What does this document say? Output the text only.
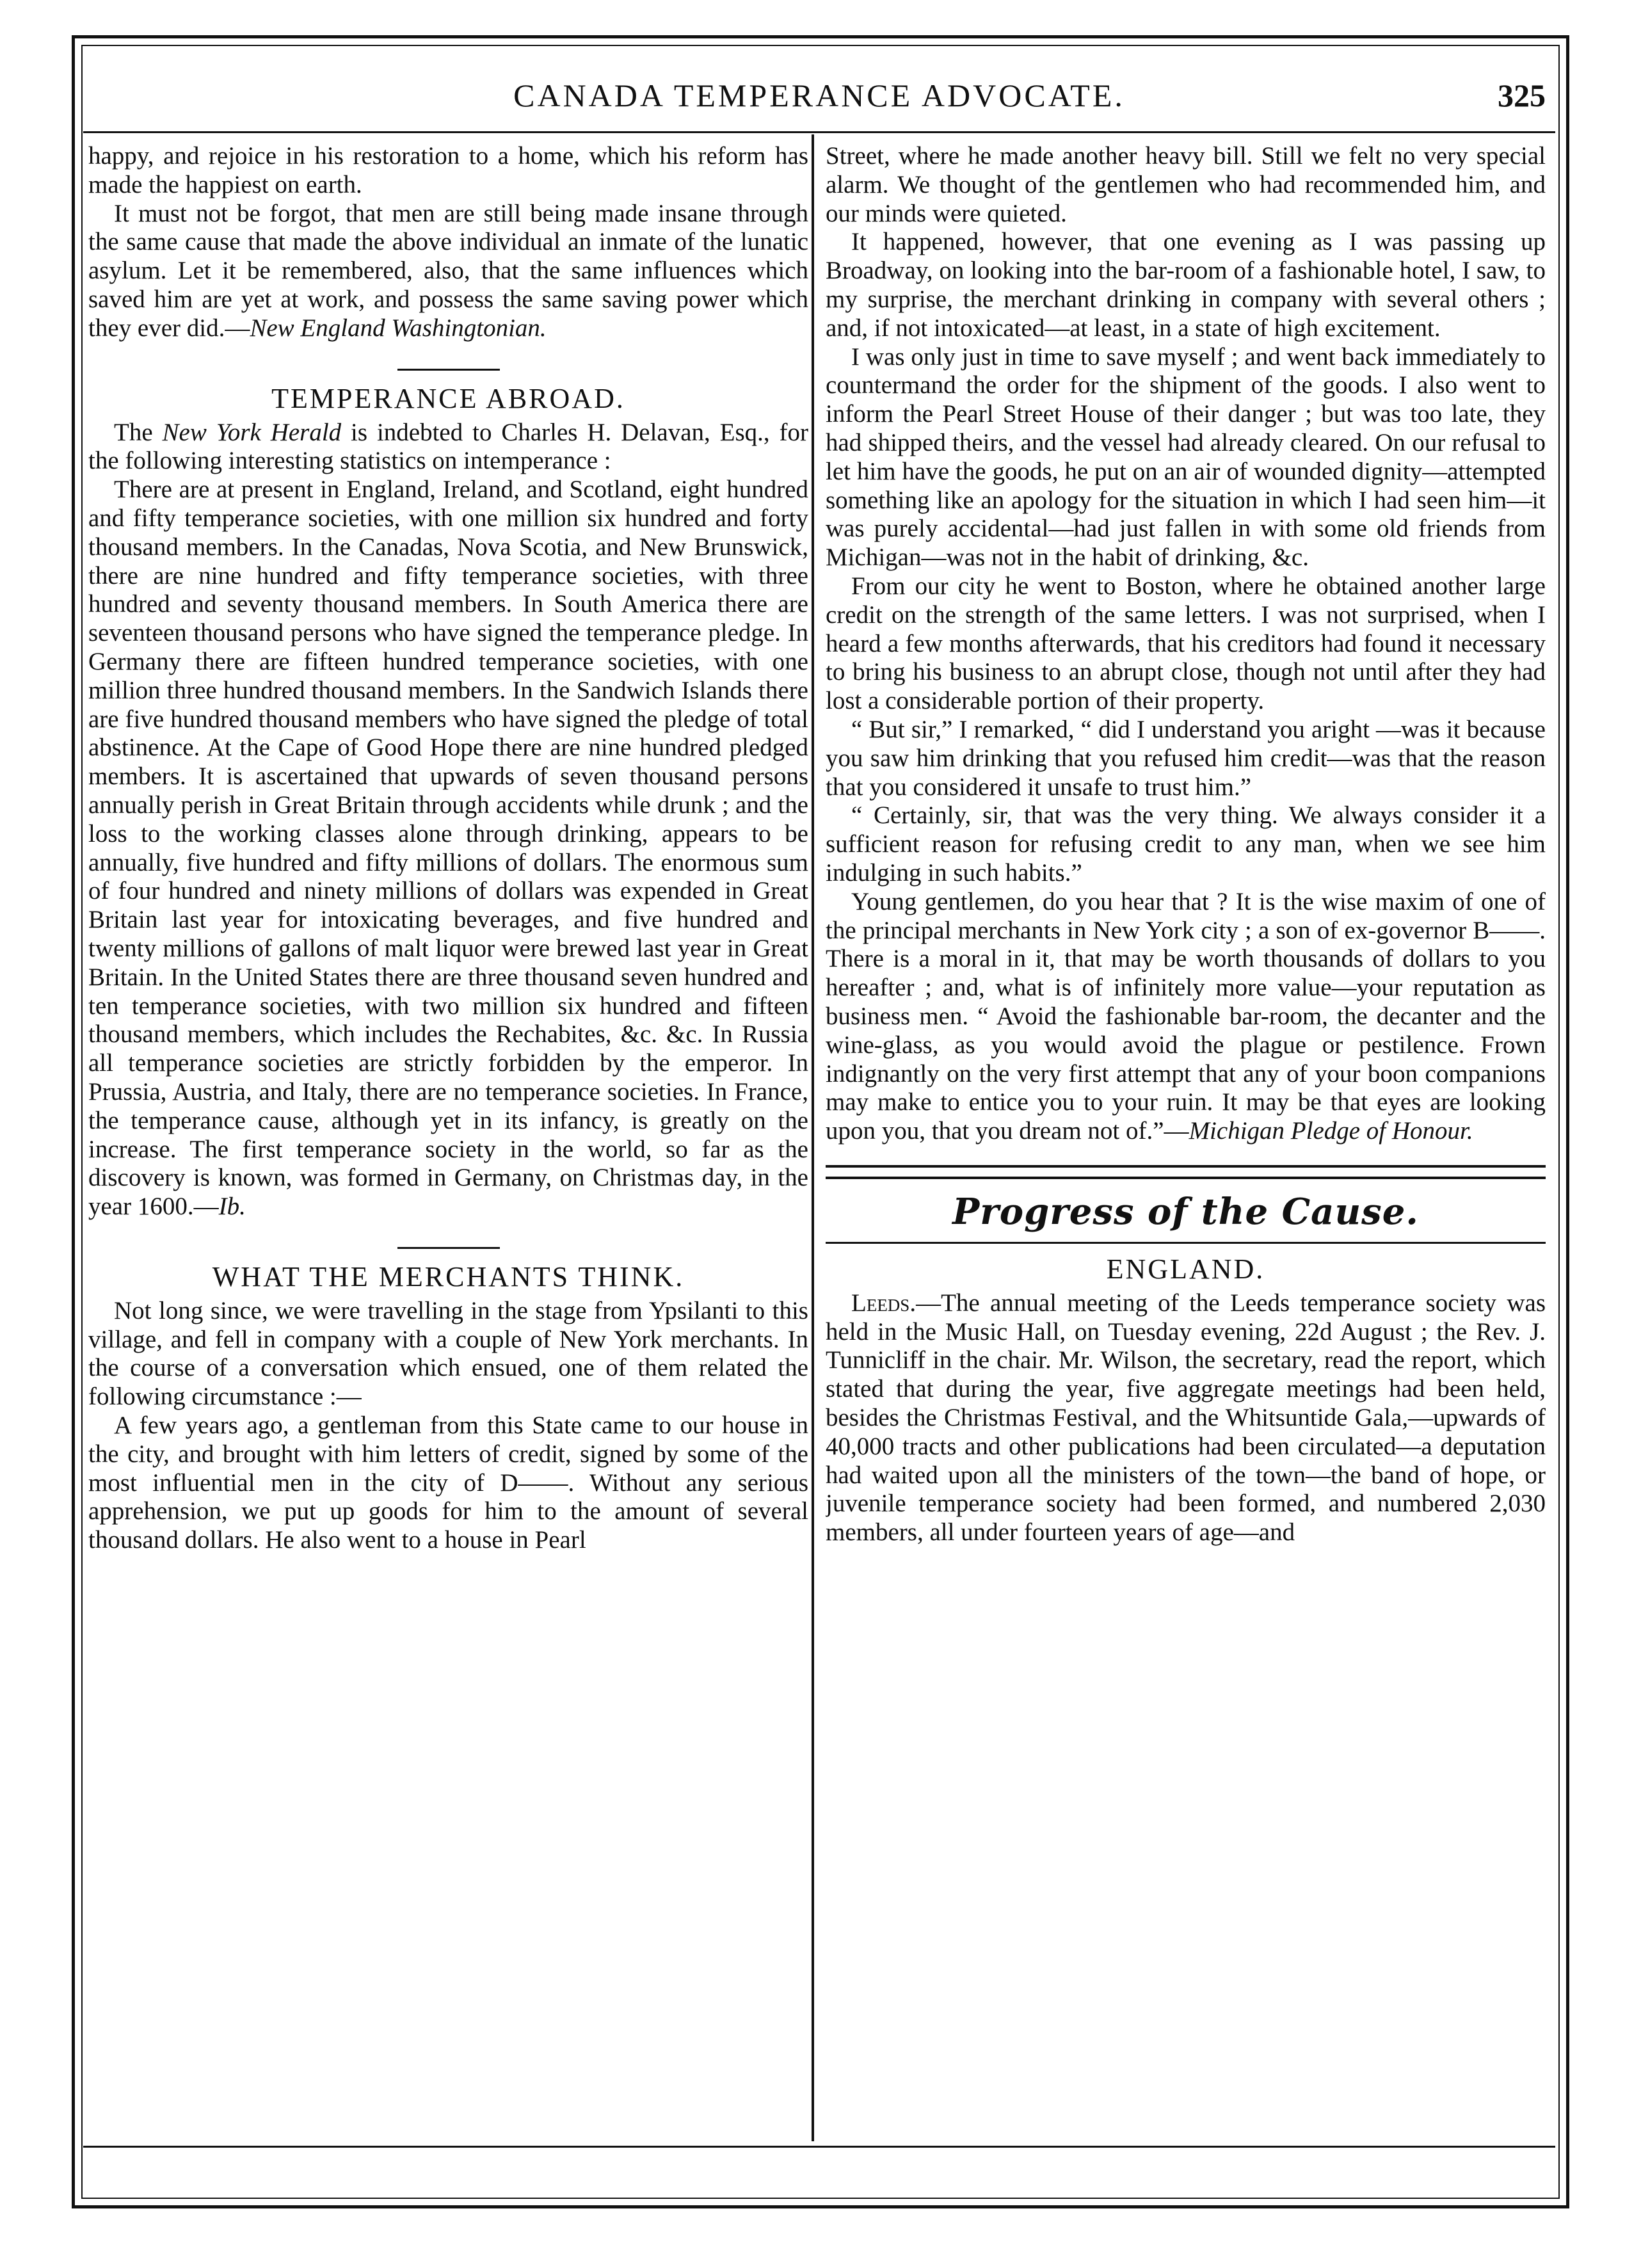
CANADA TEMPERANCE ADVOCATE.	325

happy, and rejoice in his restoration to a home, which his reform has made the happiest on earth.

It must not be forgot, that men are still being made insane through the same cause that made the above individual an inmate of the lunatic asylum. Let it be remembered, also, that the same influences which saved him are yet at work, and possess the same saving power which they ever did.—New England Washingtonian.

TEMPERANCE ABROAD.

The New York Herald is indebted to Charles H. Delavan, Esq., for the following interesting statistics on intemperance :

There are at present in England, Ireland, and Scotland, eight hundred and fifty temperance societies, with one million six hundred and forty thousand members. In the Canadas, Nova Scotia, and New Brunswick, there are nine hundred and fifty temperance societies, with three hundred and seventy thousand members. In South America there are seventeen thousand persons who have signed the temperance pledge. In Germany there are fifteen hundred temperance societies, with one million three hundred thousand members. In the Sandwich Islands there are five hundred thousand members who have signed the pledge of total abstinence. At the Cape of Good Hope there are nine hundred pledged members. It is ascertained that upwards of seven thousand persons annually perish in Great Britain through accidents while drunk ; and the loss to the working classes alone through drinking, appears to be annually, five hundred and fifty millions of dollars. The enormous sum of four hundred and ninety millions of dollars was expended in Great Britain last year for intoxicating beverages, and five hundred and twenty millions of gallons of malt liquor were brewed last year in Great Britain. In the United States there are three thousand seven hundred and ten temperance societies, with two million six hundred and fifteen thousand members, which includes the Rechabites, &c. &c. In Russia all temperance societies are strictly forbidden by the emperor. In Prussia, Austria, and Italy, there are no temperance societies. In France, the temperance cause, although yet in its infancy, is greatly on the increase. The first temperance society in the world, so far as the discovery is known, was formed in Germany, on Christmas day, in the year 1600.—Ib.

WHAT THE MERCHANTS THINK.

Not long since, we were travelling in the stage from Ypsilanti to this village, and fell in company with a couple of New York merchants. In the course of a conversation which ensued, one of them related the following circumstance :—

A few years ago, a gentleman from this State came to our house in the city, and brought with him letters of credit, signed by some of the most influential men in the city of D——. Without any serious apprehension, we put up goods for him to the amount of several thousand dollars. He also went to a house in Pearl

Street, where he made another heavy bill. Still we felt no very special alarm. We thought of the gentlemen who had recommended him, and our minds were quieted.

It happened, however, that one evening as I was passing up Broadway, on looking into the bar-room of a fashionable hotel, I saw, to my surprise, the merchant drinking in company with several others ; and, if not intoxicated—at least, in a state of high excitement.

I was only just in time to save myself ; and went back immediately to countermand the order for the shipment of the goods. I also went to inform the Pearl Street House of their danger ; but was too late, they had shipped theirs, and the vessel had already cleared. On our refusal to let him have the goods, he put on an air of wounded dignity—attempted something like an apology for the situation in which I had seen him—it was purely accidental—had just fallen in with some old friends from Michigan—was not in the habit of drinking, &c.

From our city he went to Boston, where he obtained another large credit on the strength of the same letters. I was not surprised, when I heard a few months afterwards, that his creditors had found it necessary to bring his business to an abrupt close, though not until after they had lost a considerable portion of their property.

“ But sir,” I remarked, “ did I understand you aright —was it because you saw him drinking that you refused him credit—was that the reason that you considered it unsafe to trust him.”

“ Certainly, sir, that was the very thing. We always consider it a sufficient reason for refusing credit to any man, when we see him indulging in such habits.”

Young gentlemen, do you hear that ? It is the wise maxim of one of the principal merchants in New York city ; a son of ex-governor B——. There is a moral in it, that may be worth thousands of dollars to you hereafter ; and, what is of infinitely more value—your reputation as business men. “ Avoid the fashionable bar-room, the decanter and the wine-glass, as you would avoid the plague or pestilence. Frown indignantly on the very first attempt that any of your boon companions may make to entice you to your ruin. It may be that eyes are looking upon you, that you dream not of.”—Michigan Pledge of Honour.

Progress of the Cause.
ENGLAND.

Leeds.—The annual meeting of the Leeds temperance society was held in the Music Hall, on Tuesday evening, 22d August ; the Rev. J. Tunnicliff in the chair. Mr. Wilson, the secretary, read the report, which stated that during the year, five aggregate meetings had been held, besides the Christmas Festival, and the Whitsuntide Gala,—upwards of 40,000 tracts and other publications had been circulated—a deputation had waited upon all the ministers of the town—the band of hope, or juvenile temperance society had been formed, and numbered 2,030 members, all under fourteen years of age—and
